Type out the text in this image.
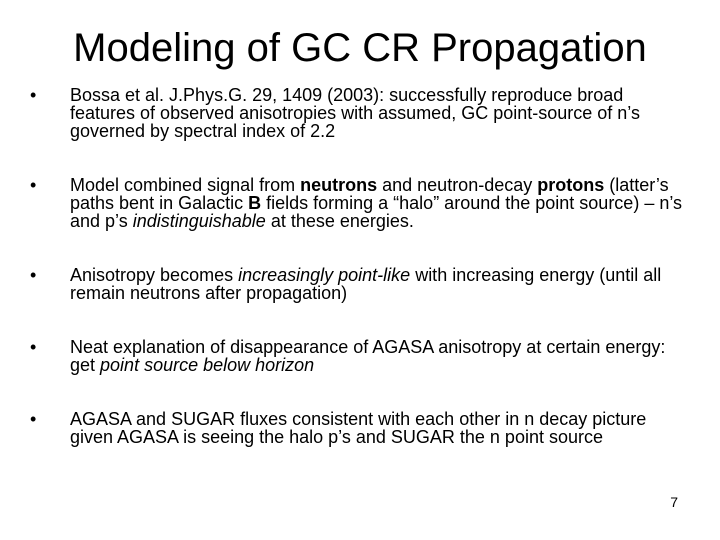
Modeling of GC CR Propagation
•	Bossa et al. J.Phys.G. 29, 1409 (2003): successfully reproduce broad features of observed anisotropies with assumed, GC point-source of n’s governed by spectral index of 2.2
•	Model combined signal from neutrons and neutron-decay protons (latter’s paths bent in Galactic B fields forming a “halo” around the point source) – n’s and p’s indistinguishable at these energies.
•	Anisotropy becomes increasingly point-like with increasing energy (until all remain neutrons after propagation)
•	Neat explanation of disappearance of AGASA anisotropy at certain energy: get point source below horizon
•	AGASA and SUGAR fluxes consistent with each other in n decay picture given AGASA is seeing the halo p’s and SUGAR the n point source
7
